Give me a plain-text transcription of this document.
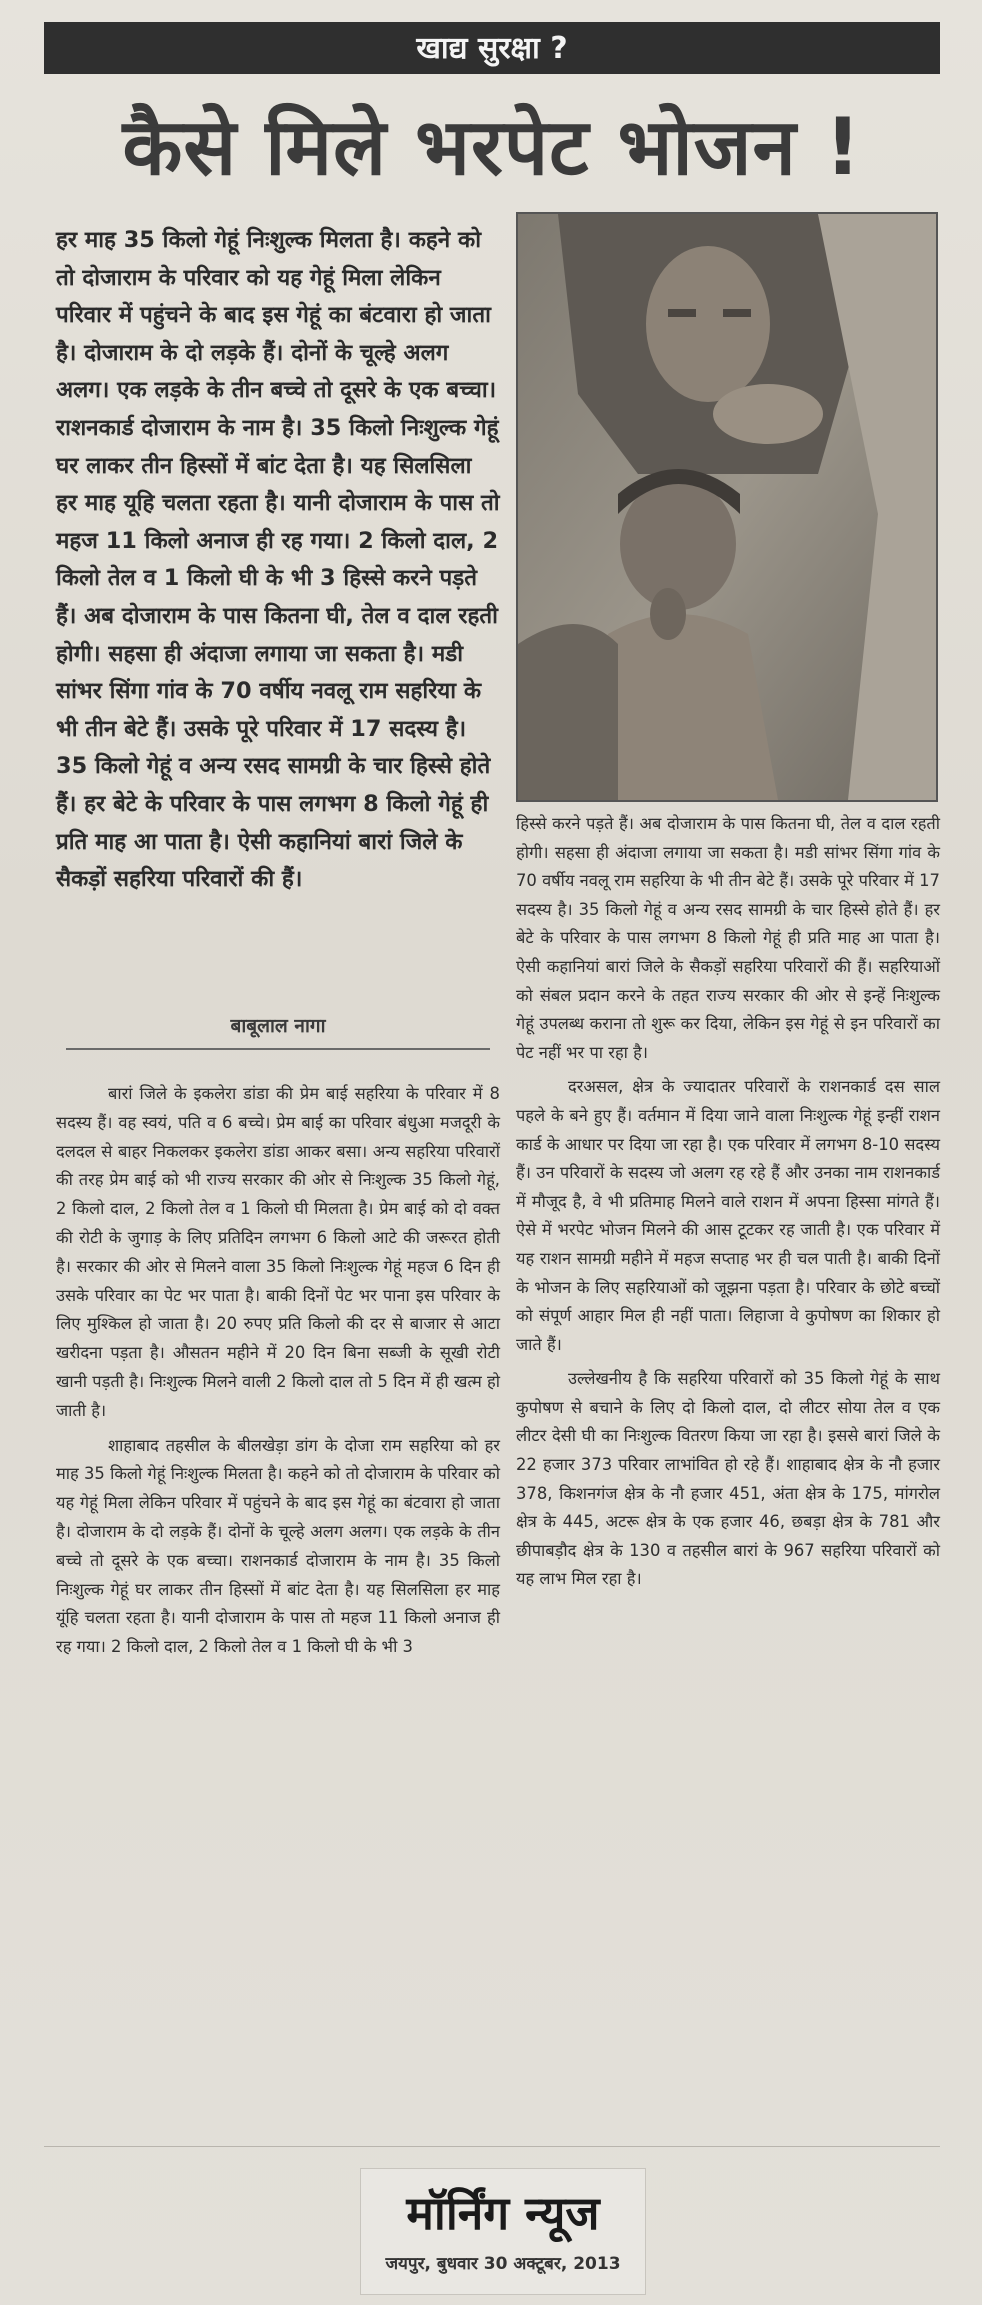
खाद्य सुरक्षा ?
कैसे मिले भरपेट भोजन !
हर माह 35 किलो गेहूं निःशुल्क मिलता है। कहने को तो दोजाराम के परिवार को यह गेहूं मिला लेकिन परिवार में पहुंचने के बाद इस गेहूं का बंटवारा हो जाता है। दोजाराम के दो लड़के हैं। दोनों के चूल्हे अलग अलग। एक लड़के के तीन बच्चे तो दूसरे के एक बच्चा। राशनकार्ड दोजाराम के नाम है। 35 किलो निःशुल्क गेहूं घर लाकर तीन हिस्सों में बांट देता है। यह सिलसिला हर माह यूहि चलता रहता है। यानी दोजाराम के पास तो महज 11 किलो अनाज ही रह गया। 2 किलो दाल, 2 किलो तेल व 1 किलो घी के भी 3 हिस्से करने पड़ते हैं। अब दोजाराम के पास कितना घी, तेल व दाल रहती होगी। सहसा ही अंदाजा लगाया जा सकता है। मडी सांभर सिंगा गांव के 70 वर्षीय नवलू राम सहरिया के भी तीन बेटे हैं। उसके पूरे परिवार में 17 सदस्य है। 35 किलो गेहूं व अन्य रसद सामग्री के चार हिस्से होते हैं। हर बेटे के परिवार के पास लगभग 8 किलो गेहूं ही प्रति माह आ पाता है। ऐसी कहानियां बारां जिले के सैकड़ों सहरिया परिवारों की हैं।
बाबूलाल नागा

बारां जिले के इकलेरा डांडा की प्रेम बाई सहरिया के परिवार में 8 सदस्य हैं। वह स्वयं, पति व 6 बच्चे। प्रेम बाई का परिवार बंधुआ मजदूरी के दलदल से बाहर निकलकर इकलेरा डांडा आकर बसा। अन्य सहरिया परिवारों की तरह प्रेम बाई को भी राज्य सरकार की ओर से निःशुल्क 35 किलो गेहूं, 2 किलो दाल, 2 किलो तेल व 1 किलो घी मिलता है। प्रेम बाई को दो वक्त की रोटी के जुगाड़ के लिए प्रतिदिन लगभग 6 किलो आटे की जरूरत होती है। सरकार की ओर से मिलने वाला 35 किलो निःशुल्क गेहूं महज 6 दिन ही उसके परिवार का पेट भर पाता है। बाकी दिनों पेट भर पाना इस परिवार के लिए मुश्किल हो जाता है। 20 रुपए प्रति किलो की दर से बाजार से आटा खरीदना पड़ता है। औसतन महीने में 20 दिन बिना सब्जी के सूखी रोटी खानी पड़ती है। निःशुल्क मिलने वाली 2 किलो दाल तो 5 दिन में ही खत्म हो जाती है।

शाहाबाद तहसील के बीलखेड़ा डांग के दोजा राम सहरिया को हर माह 35 किलो गेहूं निःशुल्क मिलता है। कहने को तो दोजाराम के परिवार को यह गेहूं मिला लेकिन परिवार में पहुंचने के बाद इस गेहूं का बंटवारा हो जाता है। दोजाराम के दो लड़के हैं। दोनों के चूल्हे अलग अलग। एक लड़के के तीन बच्चे तो दूसरे के एक बच्चा। राशनकार्ड दोजाराम के नाम है। 35 किलो निःशुल्क गेहूं घर लाकर तीन हिस्सों में बांट देता है। यह सिलसिला हर माह यूंहि चलता रहता है। यानी दोजाराम के पास तो महज 11 किलो अनाज ही रह गया। 2 किलो दाल, 2 किलो तेल व 1 किलो घी के भी 3

हिस्से करने पड़ते हैं। अब दोजाराम के पास कितना घी, तेल व दाल रहती होगी। सहसा ही अंदाजा लगाया जा सकता है। मडी सांभर सिंगा गांव के 70 वर्षीय नवलू राम सहरिया के भी तीन बेटे हैं। उसके पूरे परिवार में 17 सदस्य है। 35 किलो गेहूं व अन्य रसद सामग्री के चार हिस्से होते हैं। हर बेटे के परिवार के पास लगभग 8 किलो गेहूं ही प्रति माह आ पाता है। ऐसी कहानियां बारां जिले के सैकड़ों सहरिया परिवारों की हैं। सहरियाओं को संबल प्रदान करने के तहत राज्य सरकार की ओर से इन्हें निःशुल्क गेहूं उपलब्ध कराना तो शुरू कर दिया, लेकिन इस गेहूं से इन परिवारों का पेट नहीं भर पा रहा है।

दरअसल, क्षेत्र के ज्यादातर परिवारों के राशनकार्ड दस साल पहले के बने हुए हैं। वर्तमान में दिया जाने वाला निःशुल्क गेहूं इन्हीं राशन कार्ड के आधार पर दिया जा रहा है। एक परिवार में लगभग 8-10 सदस्य हैं। उन परिवारों के सदस्य जो अलग रह रहे हैं और उनका नाम राशनकार्ड में मौजूद है, वे भी प्रतिमाह मिलने वाले राशन में अपना हिस्सा मांगते हैं। ऐसे में भरपेट भोजन मिलने की आस टूटकर रह जाती है। एक परिवार में यह राशन सामग्री महीने में महज सप्ताह भर ही चल पाती है। बाकी दिनों के भोजन के लिए सहरियाओं को जूझना पड़ता है। परिवार के छोटे बच्चों को संपूर्ण आहार मिल ही नहीं पाता। लिहाजा वे कुपोषण का शिकार हो जाते हैं।

उल्लेखनीय है कि सहरिया परिवारों को 35 किलो गेहूं के साथ कुपोषण से बचाने के लिए दो किलो दाल, दो लीटर सोया तेल व एक लीटर देसी घी का निःशुल्क वितरण किया जा रहा है। इससे बारां जिले के 22 हजार 373 परिवार लाभांवित हो रहे हैं। शाहाबाद क्षेत्र के नौ हजार 378, किशनगंज क्षेत्र के नौ हजार 451, अंता क्षेत्र के 175, मांगरोल क्षेत्र के 445, अटरू क्षेत्र के एक हजार 46, छबड़ा क्षेत्र के 781 और छीपाबड़ौद क्षेत्र के 130 व तहसील बारां के 967 सहरिया परिवारों को यह लाभ मिल रहा है।

मॉर्निंग न्यूज
जयपुर, बुधवार 30 अक्टूबर, 2013
